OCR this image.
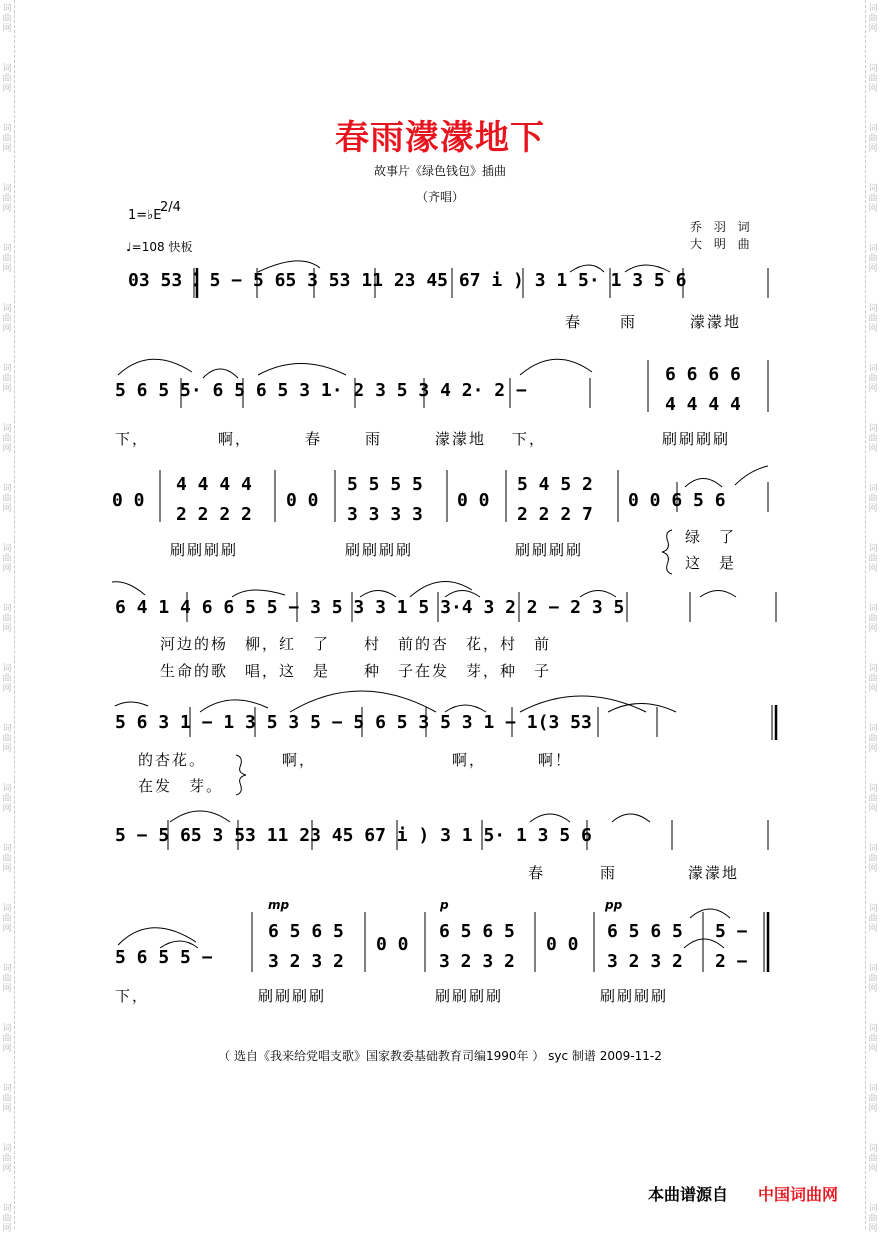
词
曲
网
词
曲
网
词
曲
网
词
曲
网
词
曲
网
词
曲
网
词
曲
网
词
曲
网
词
曲
网
词
曲
网
词
曲
网
词
曲
网
词
曲
网
词
曲
网
词
曲
网
词
曲
网
词
曲
网
词
曲
网
词
曲
网
词
曲
网
词
曲
网
词
曲
网
词
曲
网
词
曲
网
词
曲
网
词
曲
网
词
曲
网
词
曲
网
词
曲
网
词
曲
网
词
曲
网
词
曲
网
词
曲
网
词
曲
网
词
曲
网
词
曲
网
词
曲
网
词
曲
网
词
曲
网
词
曲
网
词
曲
网
词
曲
网
春雨濛濛地下
故事片《绿色钱包》插曲
（齐唱）
1=♭E
2/4
♩=108 快板
乔 羽 词
大 明 曲
03 53 ⁚ 5 − 5 65 3 53 11 23 45 67 i ) 3 1 5· 1 3 5 6
5 6 5 5· 6 5 6 5 3 1· 2 3 5 3 4 2· 2 −
6 6 6 6
4 4 4 4
0 0
4 4 4 4
2 2 2 2
0 0
5 5 5 5
3 3 3 3
0 0
5 4 5 2
2 2 2 7
0 0 6 5 6
6 4 1 4 6 6 5 5 − 3 5 3 3 1 5 3·4 3 2 2 − 2 3 5
5 6 3 1 − 1 3 5 3 5 − 5 6 5 3 5 3 1 − 1(3 53
5 − 5 65 3 53 11 23 45 67 i ) 3 1 5· 1 3 5 6
5 6 5 5 −
mp	p	pp
6 5 6 5
3 2 3 2
0 0
6 5 6 5
3 2 3 2
0 0
6 5 6 5
3 2 3 2
5 −
2 −
春	雨	濛濛地
下，	啊，	春	雨	濛濛地 下，	刷刷刷刷
刷刷刷刷	刷刷刷刷	刷刷刷刷
绿　了
这　是
河边的杨　柳，红　了　　村　前的杏　花，村　前
生命的歌　唱，这　是　　种　子在发　芽，种　子
的杏花。
在发　芽。
啊，	啊，	啊！
春	雨	濛濛地
下，	刷刷刷刷	刷刷刷刷	刷刷刷刷
（ 选自《我来给党唱支歌》国家教委基础教育司编1990年 ） syc 制谱 2009-11-2
本曲谱源自 中国词曲网
